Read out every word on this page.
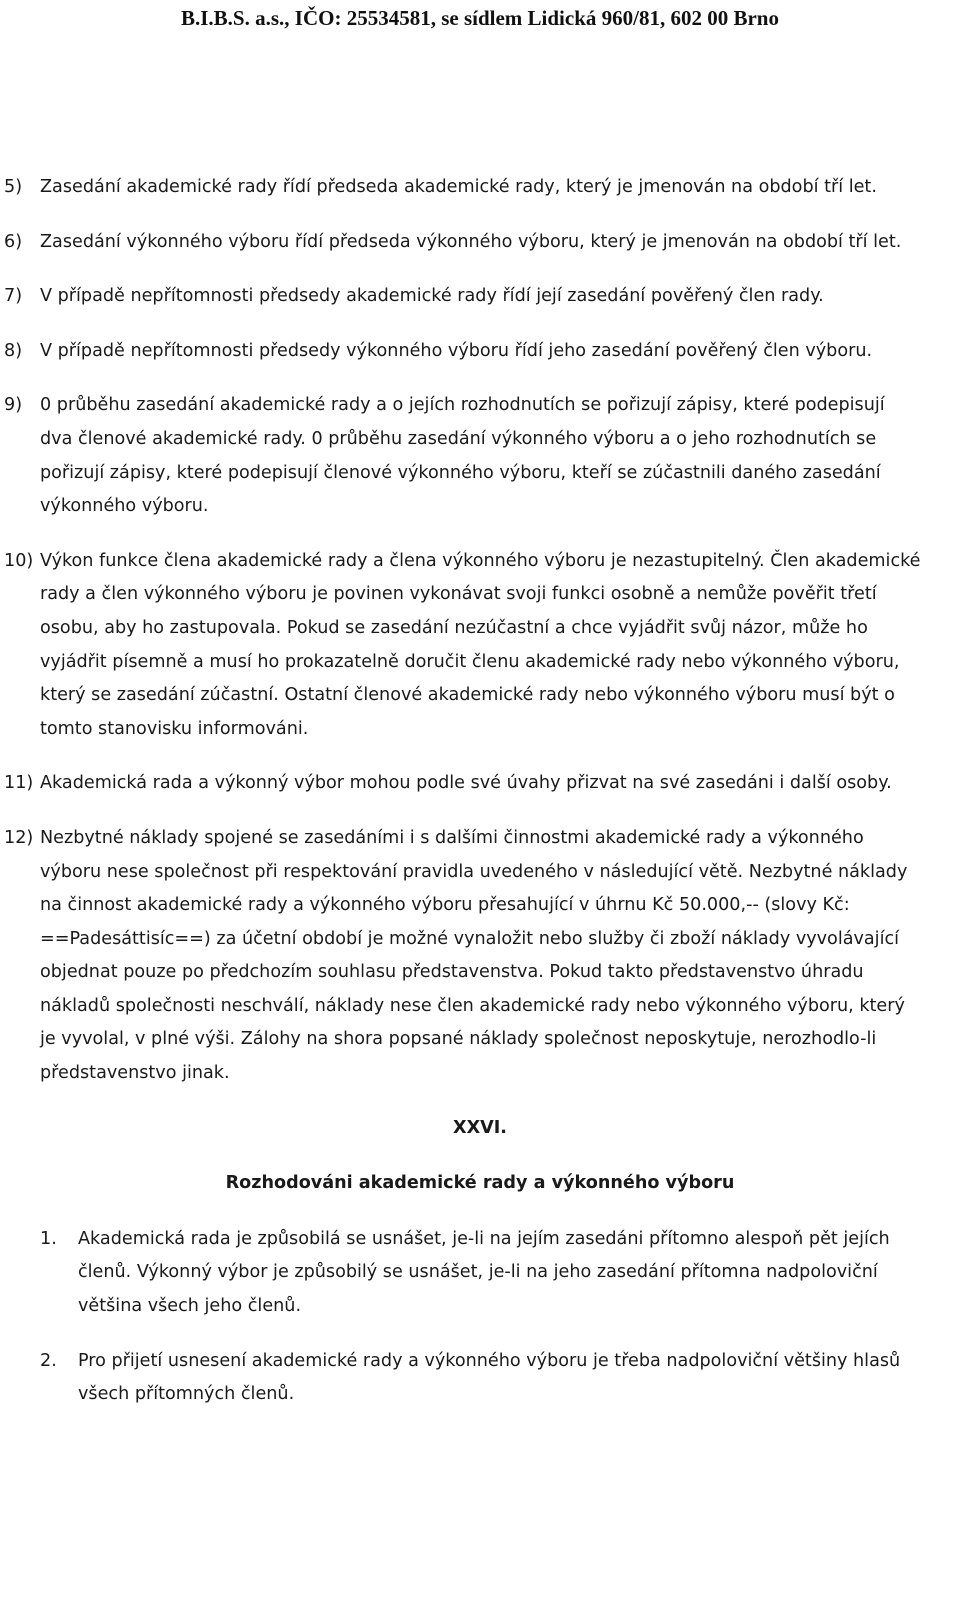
B.I.B.S. a.s., IČO: 25534581, se sídlem Lidická 960/81, 602 00 Brno
5) Zasedání akademické rady řídí předseda akademické rady, který je jmenován na období tří let.
6) Zasedání výkonného výboru řídí předseda výkonného výboru, který je jmenován na období tří let.
7) V případě nepřítomnosti předsedy akademické rady řídí její zasedání pověřený člen rady.
8) V případě nepřítomnosti předsedy výkonného výboru řídí jeho zasedání pověřený člen výboru.
9) 0 průběhu zasedání akademické rady a o jejích rozhodnutích se pořizují zápisy, které podepisují dva členové akademické rady. 0 průběhu zasedání výkonného výboru a o jeho rozhodnutích se pořizují zápisy, které podepisují členové výkonného výboru, kteří se zúčastnili daného zasedání výkonného výboru.
10) Výkon funkce člena akademické rady a člena výkonného výboru je nezastupitelný. Člen akademické rady a člen výkonného výboru je povinen vykonávat svoji funkci osobně a nemůže pověřit třetí osobu, aby ho zastupovala. Pokud se zasedání nezúčastní a chce vyjádřit svůj názor, může ho vyjádřit písemně a musí ho prokazatelně doručit členu akademické rady nebo výkonného výboru, který se zasedání zúčastní. Ostatní členové akademické rady nebo výkonného výboru musí být o tomto stanovisku informováni.
11) Akademická rada a výkonný výbor mohou podle své úvahy přizvat na své zasedáni i další osoby.
12) Nezbytné náklady spojené se zasedáními i s dalšími činnostmi akademické rady a výkonného výboru nese společnost při respektování pravidla uvedeného v následující větě. Nezbytné náklady na činnost akademické rady a výkonného výboru přesahující v úhrnu Kč 50.000,-- (slovy Kč: ==Padesáttisíc==) za účetní období je možné vynaložit nebo služby či zboží náklady vyvolávající objednat pouze po předchozím souhlasu představenstva. Pokud takto představenstvo úhradu nákladů společnosti neschválí, náklady nese člen akademické rady nebo výkonného výboru, který je vyvolal, v plné výši. Zálohy na shora popsané náklady společnost neposkytuje, nerozhodlo-li představenstvo jinak.
XXVI.
Rozhodováni akademické rady a výkonného výboru
1. Akademická rada je způsobilá se usnášet, je-li na jejím zasedáni přítomno alespoň pět jejích členů. Výkonný výbor je způsobilý se usnášet, je-li na jeho zasedání přítomna nadpoloviční většina všech jeho členů.
2. Pro přijetí usnesení akademické rady a výkonného výboru je třeba nadpoloviční většiny hlasů všech přítomných členů.
